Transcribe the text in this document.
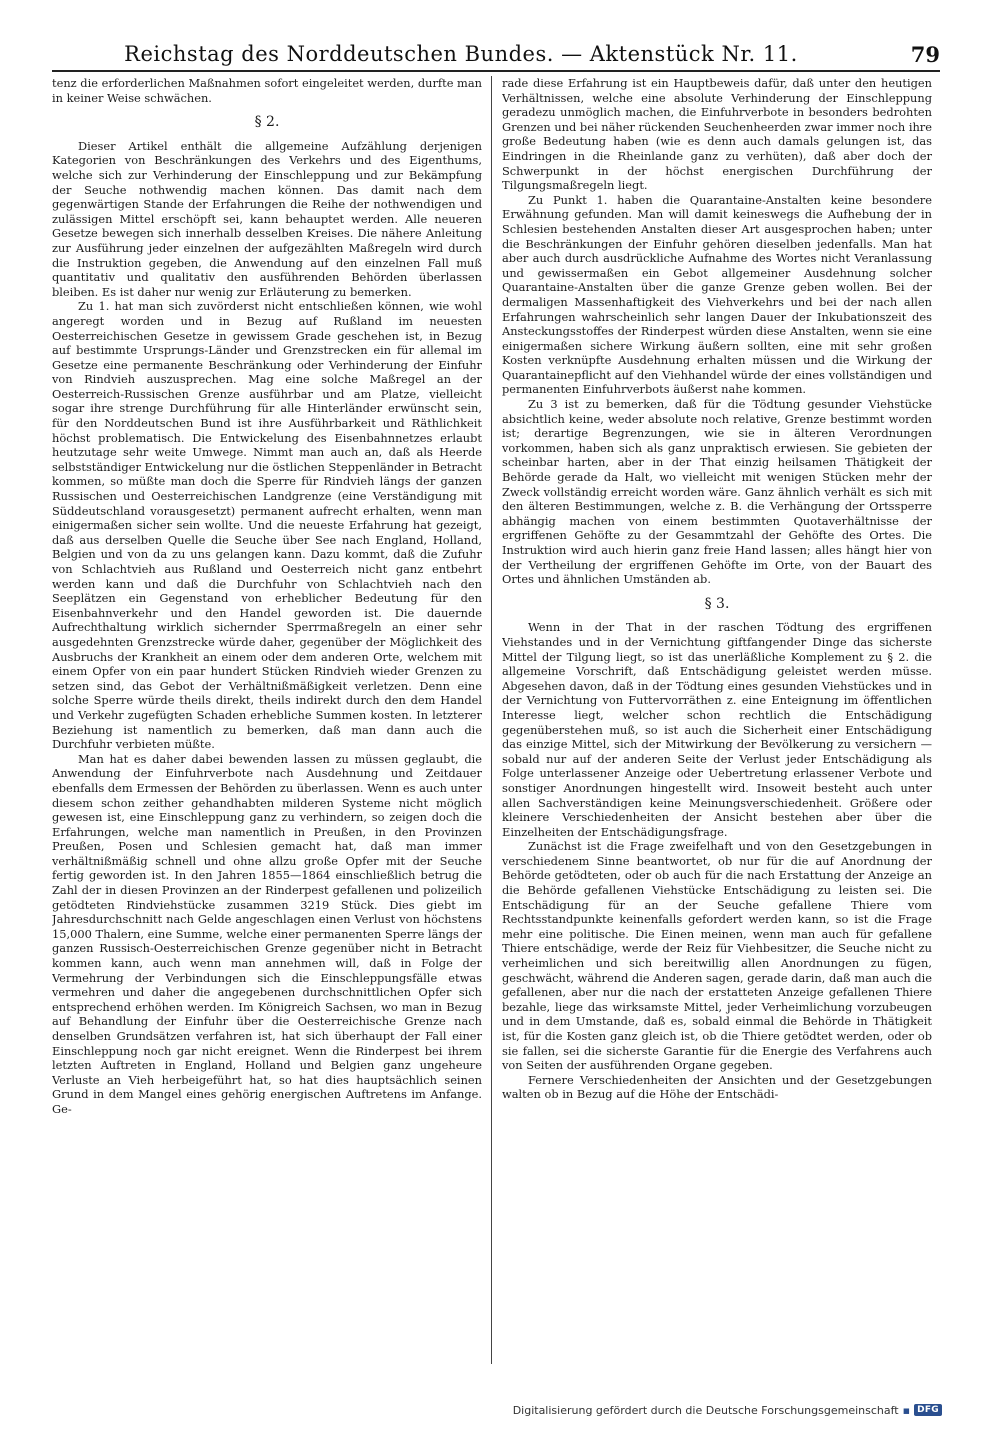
Reichstag des Norddeutschen Bundes. — Aktenstück Nr. 11.	79

tenz die erforderlichen Maßnahmen sofort eingeleitet werden, durfte man in keiner Weise schwächen.

§ 2.

Dieser Artikel enthält die allgemeine Aufzählung derjenigen Kategorien von Beschränkungen des Verkehrs und des Eigenthums, welche sich zur Verhinderung der Einschleppung und zur Bekämpfung der Seuche nothwendig machen können. Das damit nach dem gegenwärtigen Stande der Erfahrungen die Reihe der nothwendigen und zulässigen Mittel erschöpft sei, kann behauptet werden. Alle neueren Gesetze bewegen sich innerhalb desselben Kreises. Die nähere Anleitung zur Ausführung jeder einzelnen der aufgezählten Maßregeln wird durch die Instruktion gegeben, die Anwendung auf den einzelnen Fall muß quantitativ und qualitativ den ausführenden Behörden überlassen bleiben. Es ist daher nur wenig zur Erläuterung zu bemerken.

Zu 1. hat man sich zuvörderst nicht entschließen können, wie wohl angeregt worden und in Bezug auf Rußland im neuesten Oesterreichischen Gesetze in gewissem Grade geschehen ist, in Bezug auf bestimmte Ursprungs-Länder und Grenzstrecken ein für allemal im Gesetze eine permanente Beschränkung oder Verhinderung der Einfuhr von Rindvieh auszusprechen. Mag eine solche Maßregel an der Oesterreich-Russischen Grenze ausführbar und am Platze, vielleicht sogar ihre strenge Durchführung für alle Hinterländer erwünscht sein, für den Norddeutschen Bund ist ihre Ausführbarkeit und Räthlichkeit höchst problematisch. Die Entwickelung des Eisenbahnnetzes erlaubt heutzutage sehr weite Umwege. Nimmt man auch an, daß als Heerde selbstständiger Entwickelung nur die östlichen Steppenländer in Betracht kommen, so müßte man doch die Sperre für Rindvieh längs der ganzen Russischen und Oesterreichischen Landgrenze (eine Verständigung mit Süddeutschland vorausgesetzt) permanent aufrecht erhalten, wenn man einigermaßen sicher sein wollte. Und die neueste Erfahrung hat gezeigt, daß aus derselben Quelle die Seuche über See nach England, Holland, Belgien und von da zu uns gelangen kann. Dazu kommt, daß die Zufuhr von Schlachtvieh aus Rußland und Oesterreich nicht ganz entbehrt werden kann und daß die Durchfuhr von Schlachtvieh nach den Seeplätzen ein Gegenstand von erheblicher Bedeutung für den Eisenbahnverkehr und den Handel geworden ist. Die dauernde Aufrechthaltung wirklich sichernder Sperrmaßregeln an einer sehr ausgedehnten Grenzstrecke würde daher, gegenüber der Möglichkeit des Ausbruchs der Krankheit an einem oder dem anderen Orte, welchem mit einem Opfer von ein paar hundert Stücken Rindvieh wieder Grenzen zu setzen sind, das Gebot der Verhältnißmäßigkeit verletzen. Denn eine solche Sperre würde theils direkt, theils indirekt durch den dem Handel und Verkehr zugefügten Schaden erhebliche Summen kosten. In letzterer Beziehung ist namentlich zu bemerken, daß man dann auch die Durchfuhr verbieten müßte.

Man hat es daher dabei bewenden lassen zu müssen geglaubt, die Anwendung der Einfuhrverbote nach Ausdehnung und Zeitdauer ebenfalls dem Ermessen der Behörden zu überlassen. Wenn es auch unter diesem schon zeither gehandhabten milderen Systeme nicht möglich gewesen ist, eine Einschleppung ganz zu verhindern, so zeigen doch die Erfahrungen, welche man namentlich in Preußen, in den Provinzen Preußen, Posen und Schlesien gemacht hat, daß man immer verhältnißmäßig schnell und ohne allzu große Opfer mit der Seuche fertig geworden ist. In den Jahren 1855—1864 einschließlich betrug die Zahl der in diesen Provinzen an der Rinderpest gefallenen und polizeilich getödteten Rindviehstücke zusammen 3219 Stück. Dies giebt im Jahresdurchschnitt nach Gelde angeschlagen einen Verlust von höchstens 15,000 Thalern, eine Summe, welche einer permanenten Sperre längs der ganzen Russisch-Oesterreichischen Grenze gegenüber nicht in Betracht kommen kann, auch wenn man annehmen will, daß in Folge der Vermehrung der Verbindungen sich die Einschleppungsfälle etwas vermehren und daher die angegebenen durchschnittlichen Opfer sich entsprechend erhöhen werden. Im Königreich Sachsen, wo man in Bezug auf Behandlung der Einfuhr über die Oesterreichische Grenze nach denselben Grundsätzen verfahren ist, hat sich überhaupt der Fall einer Einschleppung noch gar nicht ereignet. Wenn die Rinderpest bei ihrem letzten Auftreten in England, Holland und Belgien ganz ungeheure Verluste an Vieh herbeigeführt hat, so hat dies hauptsächlich seinen Grund in dem Mangel eines gehörig energischen Auftretens im Anfange. Ge-

rade diese Erfahrung ist ein Hauptbeweis dafür, daß unter den heutigen Verhältnissen, welche eine absolute Verhinderung der Einschleppung geradezu unmöglich machen, die Einfuhrverbote in besonders bedrohten Grenzen und bei näher rückenden Seuchenheerden zwar immer noch ihre große Bedeutung haben (wie es denn auch damals gelungen ist, das Eindringen in die Rheinlande ganz zu verhüten), daß aber doch der Schwerpunkt in der höchst energischen Durchführung der Tilgungsmaßregeln liegt.

Zu Punkt 1. haben die Quarantaine-Anstalten keine besondere Erwähnung gefunden. Man will damit keineswegs die Aufhebung der in Schlesien bestehenden Anstalten dieser Art ausgesprochen haben; unter die Beschränkungen der Einfuhr gehören dieselben jedenfalls. Man hat aber auch durch ausdrückliche Aufnahme des Wortes nicht Veranlassung und gewissermaßen ein Gebot allgemeiner Ausdehnung solcher Quarantaine-Anstalten über die ganze Grenze geben wollen. Bei der dermaligen Massenhaftigkeit des Viehverkehrs und bei der nach allen Erfahrungen wahrscheinlich sehr langen Dauer der Inkubationszeit des Ansteckungsstoffes der Rinderpest würden diese Anstalten, wenn sie eine einigermaßen sichere Wirkung äußern sollten, eine mit sehr großen Kosten verknüpfte Ausdehnung erhalten müssen und die Wirkung der Quarantainepflicht auf den Viehhandel würde der eines vollständigen und permanenten Einfuhrverbots äußerst nahe kommen.

Zu 3 ist zu bemerken, daß für die Tödtung gesunder Viehstücke absichtlich keine, weder absolute noch relative, Grenze bestimmt worden ist; derartige Begrenzungen, wie sie in älteren Verordnungen vorkommen, haben sich als ganz unpraktisch erwiesen. Sie gebieten der scheinbar harten, aber in der That einzig heilsamen Thätigkeit der Behörde gerade da Halt, wo vielleicht mit wenigen Stücken mehr der Zweck vollständig erreicht worden wäre. Ganz ähnlich verhält es sich mit den älteren Bestimmungen, welche z. B. die Verhängung der Ortssperre abhängig machen von einem bestimmten Quotaverhältnisse der ergriffenen Gehöfte zu der Gesammtzahl der Gehöfte des Ortes. Die Instruktion wird auch hierin ganz freie Hand lassen; alles hängt hier von der Vertheilung der ergriffenen Gehöfte im Orte, von der Bauart des Ortes und ähnlichen Umständen ab.

§ 3.

Wenn in der That in der raschen Tödtung des ergriffenen Viehstandes und in der Vernichtung giftfangender Dinge das sicherste Mittel der Tilgung liegt, so ist das unerläßliche Komplement zu § 2. die allgemeine Vorschrift, daß Entschädigung geleistet werden müsse. Abgesehen davon, daß in der Tödtung eines gesunden Viehstückes und in der Vernichtung von Futtervorräthen z. eine Enteignung im öffentlichen Interesse liegt, welcher schon rechtlich die Entschädigung gegenüberstehen muß, so ist auch die Sicherheit einer Entschädigung das einzige Mittel, sich der Mitwirkung der Bevölkerung zu versichern — sobald nur auf der anderen Seite der Verlust jeder Entschädigung als Folge unterlassener Anzeige oder Uebertretung erlassener Verbote und sonstiger Anordnungen hingestellt wird. Insoweit besteht auch unter allen Sachverständigen keine Meinungsverschiedenheit. Größere oder kleinere Verschiedenheiten der Ansicht bestehen aber über die Einzelheiten der Entschädigungsfrage.

Zunächst ist die Frage zweifelhaft und von den Gesetzgebungen in verschiedenem Sinne beantwortet, ob nur für die auf Anordnung der Behörde getödteten, oder ob auch für die nach Erstattung der Anzeige an die Behörde gefallenen Viehstücke Entschädigung zu leisten sei. Die Entschädigung für an der Seuche gefallene Thiere vom Rechtsstandpunkte keinenfalls gefordert werden kann, so ist die Frage mehr eine politische. Die Einen meinen, wenn man auch für gefallene Thiere entschädige, werde der Reiz für Viehbesitzer, die Seuche nicht zu verheimlichen und sich bereitwillig allen Anordnungen zu fügen, geschwächt, während die Anderen sagen, gerade darin, daß man auch die gefallenen, aber nur die nach der erstatteten Anzeige gefallenen Thiere bezahle, liege das wirksamste Mittel, jeder Verheimlichung vorzubeugen und in dem Umstande, daß es, sobald einmal die Behörde in Thätigkeit ist, für die Kosten ganz gleich ist, ob die Thiere getödtet werden, oder ob sie fallen, sei die sicherste Garantie für die Energie des Verfahrens auch von Seiten der ausführenden Organe gegeben.

Fernere Verschiedenheiten der Ansichten und der Gesetzgebungen walten ob in Bezug auf die Höhe der Entschädi-

Digitalisierung gefördert durch die Deutsche Forschungsgemeinschaft ▪ DFG
